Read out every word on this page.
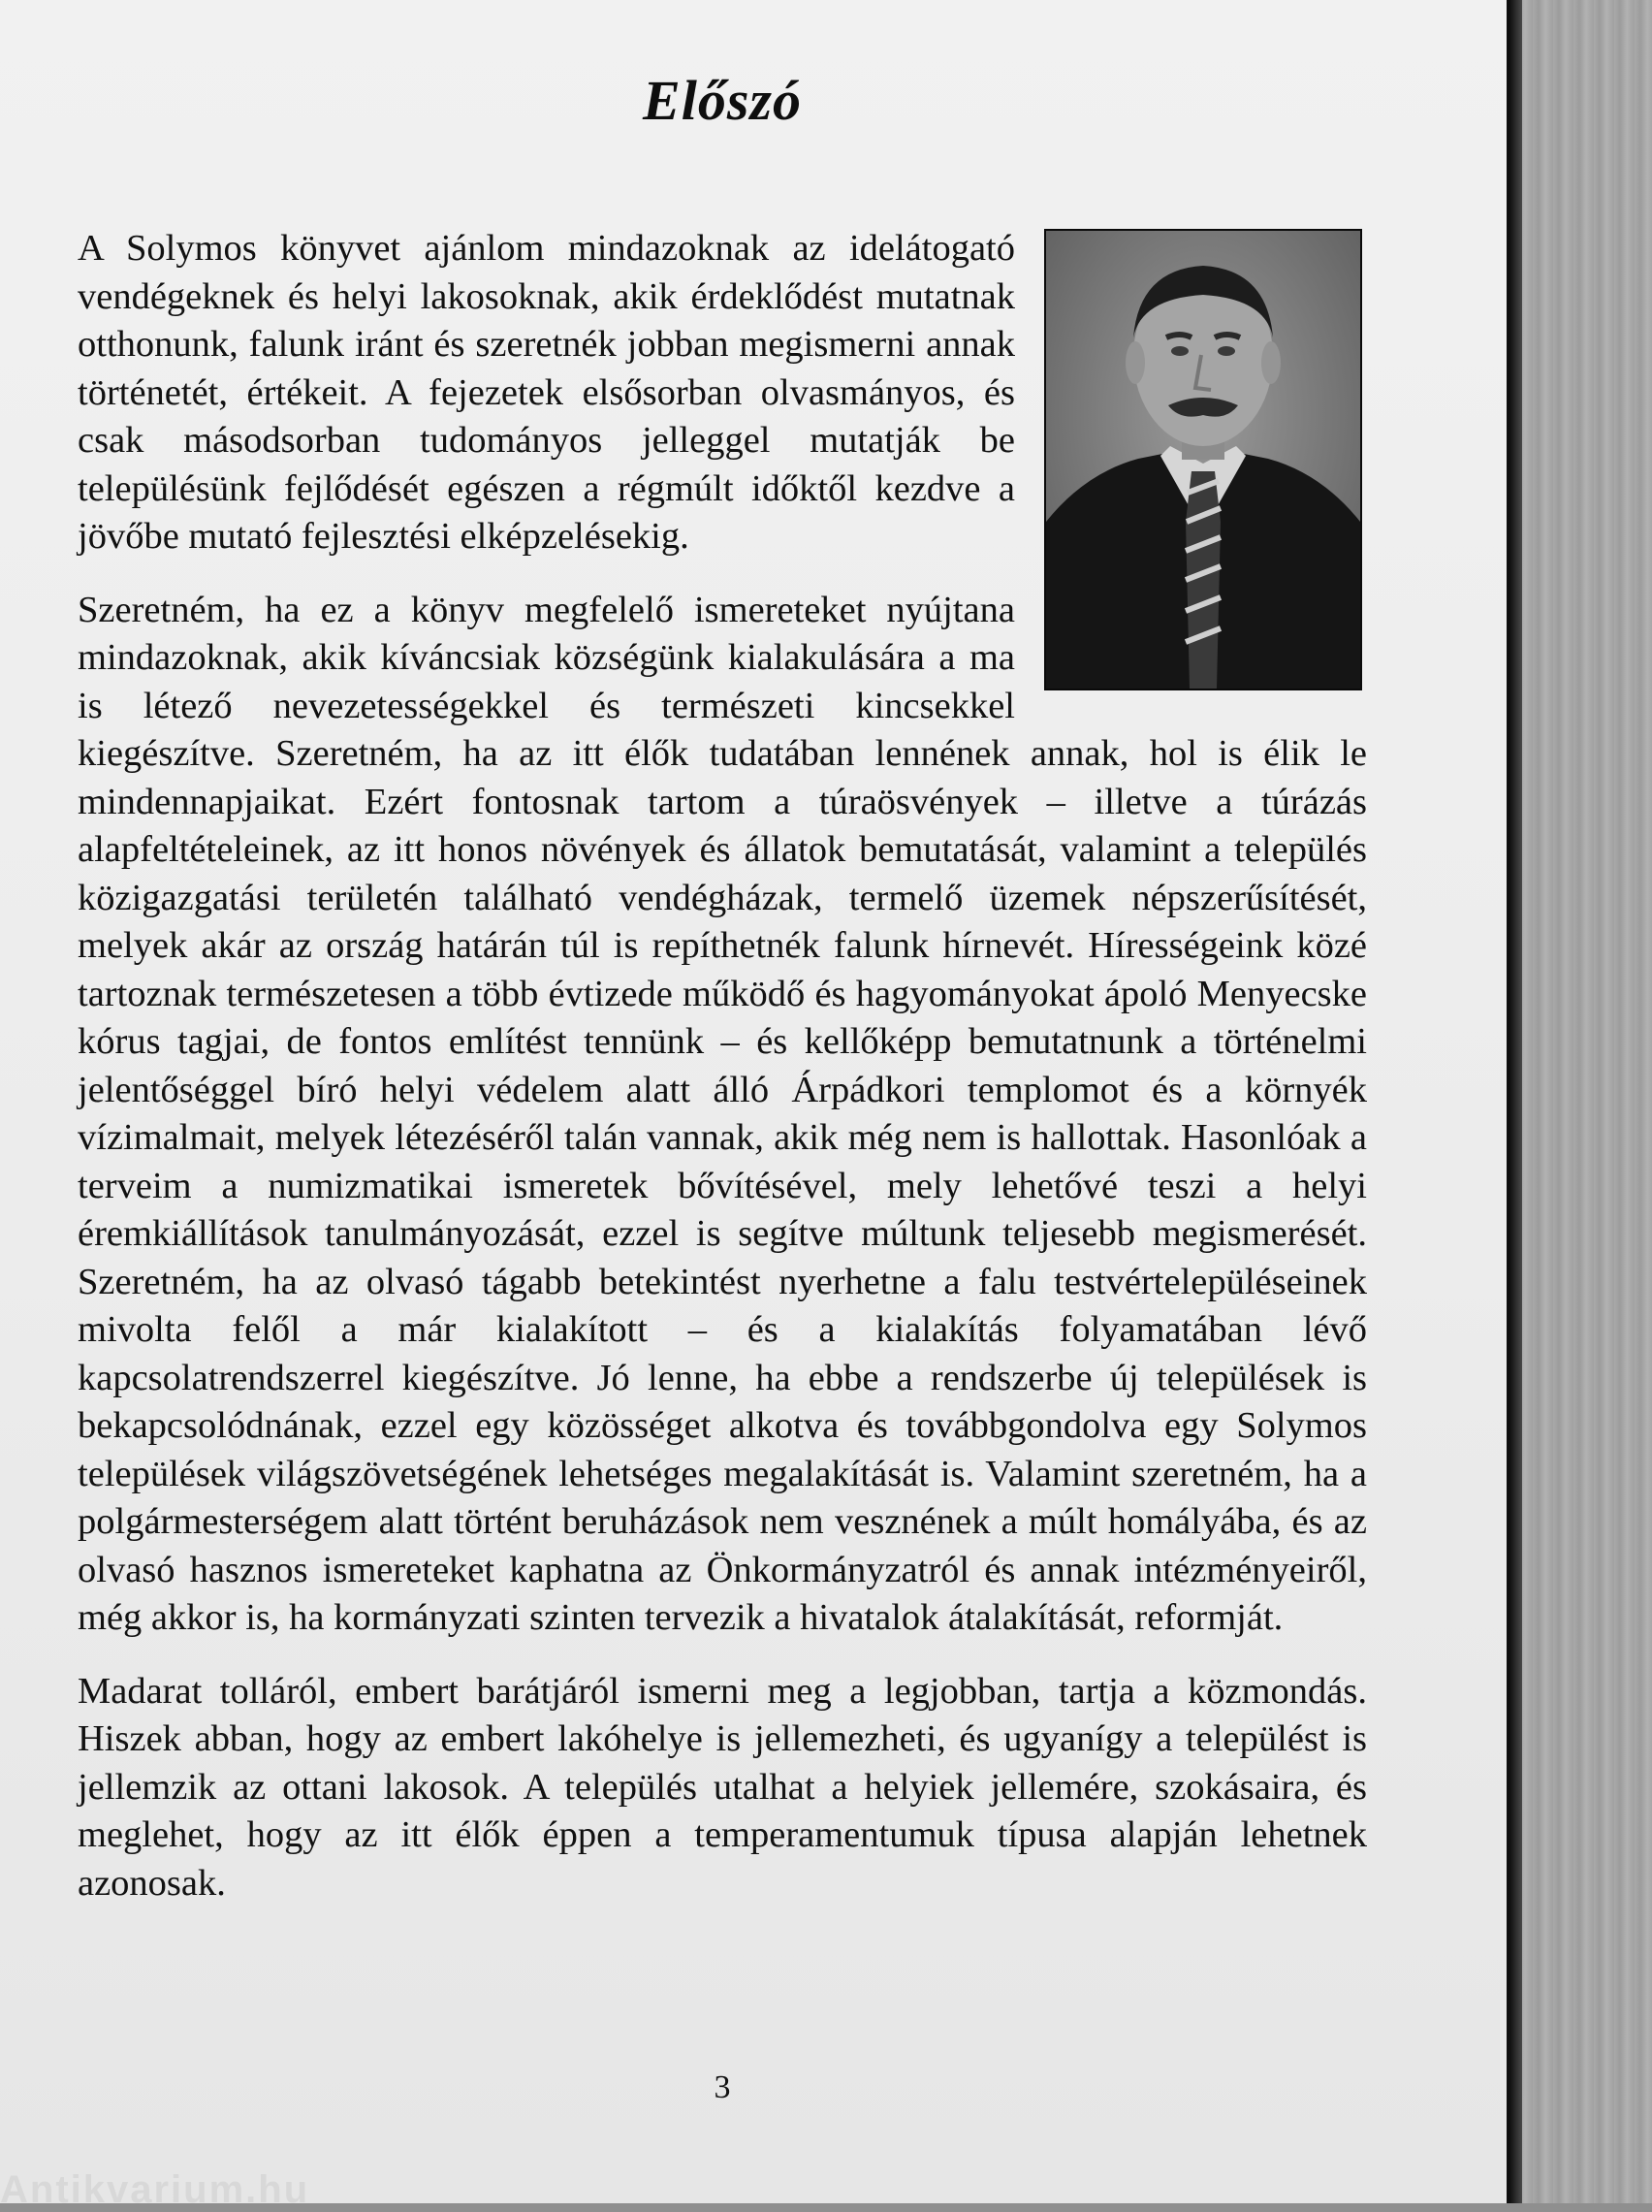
Előszó

A Solymos könyvet ajánlom mindazoknak az idelátogató vendégeknek és helyi lakosoknak, akik érdeklődést mutatnak otthonunk, falunk iránt és szeretnék jobban megismerni annak történetét, értékeit. A fejezetek elsősorban olvasmányos, és csak másodsorban tudományos jelleggel mutatják be településünk fejlődését egészen a régmúlt időktől kezdve a jövőbe mutató fejlesztési elképzelésekig.

Szeretném, ha ez a könyv megfelelő ismereteket nyújtana mindazoknak, akik kíváncsiak községünk kialakulására a ma is létező nevezetességekkel és természeti kincsekkel kiegészítve. Szeretném, ha az itt élők tudatában lennének annak, hol is élik le mindennapjaikat. Ezért fontosnak tartom a túraösvények – illetve a túrázás alapfeltételeinek, az itt honos növények és állatok bemutatását, valamint a település közigazgatási területén található vendégházak, termelő üzemek népszerűsítését, melyek akár az ország határán túl is repíthetnék falunk hírnevét. Hírességeink közé tartoznak természetesen a több évtizede működő és hagyományokat ápoló Menyecske kórus tagjai, de fontos említést tennünk – és kellőképp bemutatnunk a történelmi jelentőséggel bíró helyi védelem alatt álló Árpádkori templomot és a környék vízimalmait, melyek létezéséről talán vannak, akik még nem is hallottak. Hasonlóak a terveim a numizmatikai ismeretek bővítésével, mely lehetővé teszi a helyi éremkiállítások tanulmányozását, ezzel is segítve múltunk teljesebb megismerését. Szeretném, ha az olvasó tágabb betekintést nyerhetne a falu testvértelepüléseinek mivolta felől a már kialakított – és a kialakítás folyamatában lévő kapcsolatrendszerrel kiegészítve. Jó lenne, ha ebbe a rendszerbe új települések is bekapcsolódnának, ezzel egy közösséget alkotva és továbbgondolva egy Solymos települések világszövetségének lehetséges megalakítását is. Valamint szeretném, ha a polgármesterségem alatt történt beruházások nem vesznének a múlt homályába, és az olvasó hasznos ismereteket kaphatna az Önkormányzatról és annak intézményeiről, még akkor is, ha kormányzati szinten tervezik a hivatalok átalakítását, reformját.

Madarat tolláról, embert barátjáról ismerni meg a legjobban, tartja a közmondás. Hiszek abban, hogy az embert lakóhelye is jellemezheti, és ugyanígy a települést is jellemzik az ottani lakosok. A település utalhat a helyiek jellemére, szokásaira, és meglehet, hogy az itt élők éppen a temperamentumuk típusa alapján lehetnek azonosak.

3
Antikvarium.hu
